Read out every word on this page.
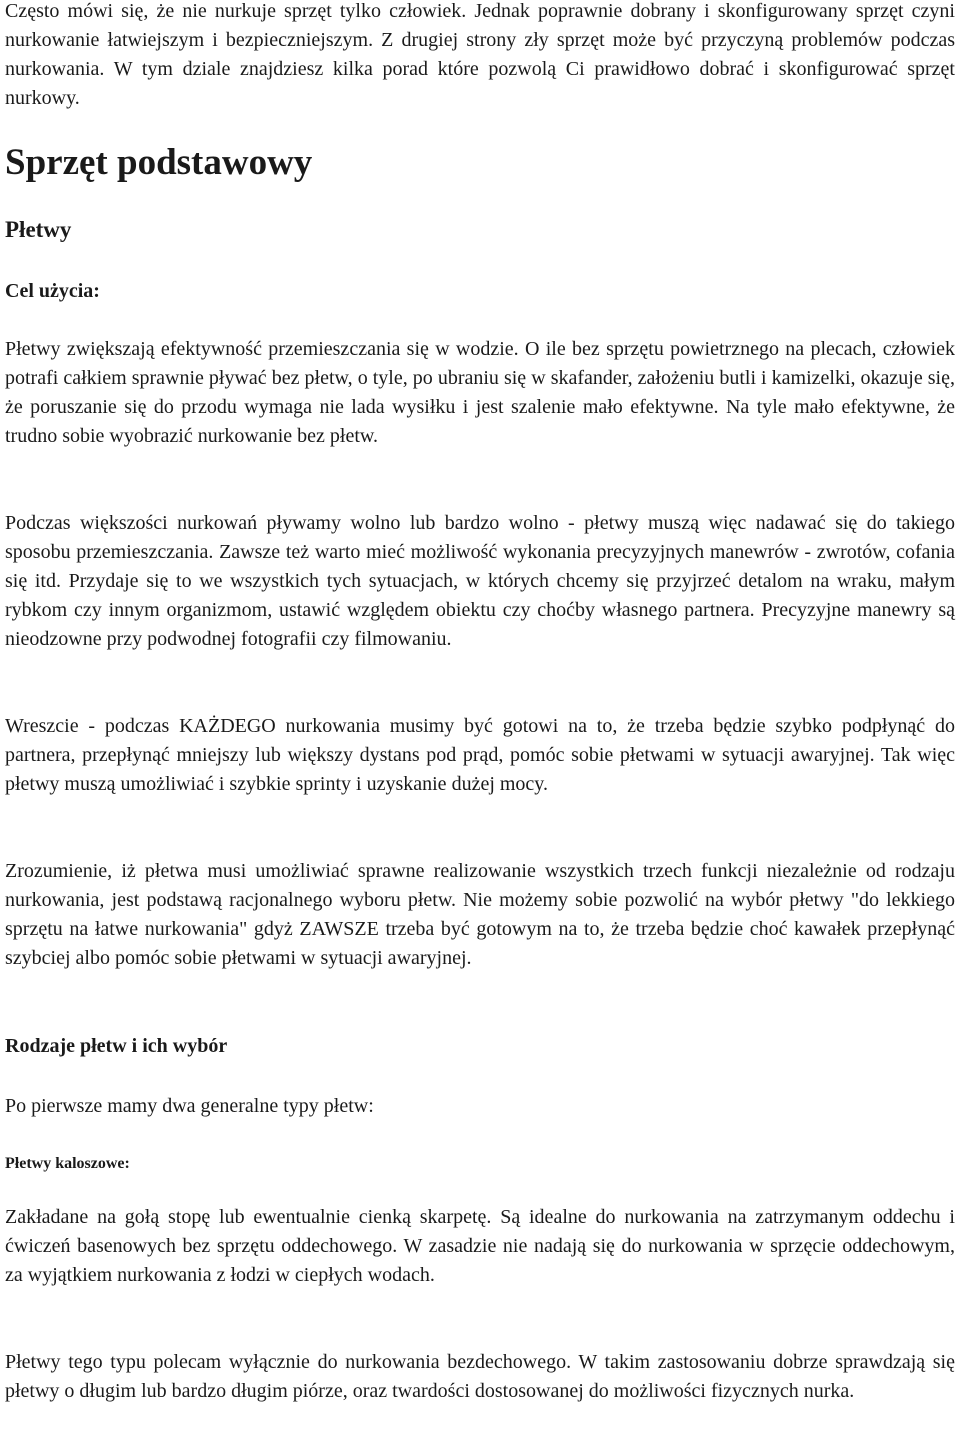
Często mówi się, że nie nurkuje sprzęt tylko człowiek. Jednak poprawnie dobrany i skonfigurowany sprzęt czyni nurkowanie łatwiejszym i bezpieczniejszym. Z drugiej strony zły sprzęt może być przyczyną problemów podczas nurkowania. W tym dziale znajdziesz kilka porad które pozwolą Ci prawidłowo dobrać i skonfigurować sprzęt nurkowy.

Sprzęt podstawowy
Płetwy
Cel użycia:

Płetwy zwiększają efektywność przemieszczania się w wodzie. O ile bez sprzętu powietrznego na plecach, człowiek potrafi całkiem sprawnie pływać bez płetw, o tyle, po ubraniu się w skafander, założeniu butli i kamizelki, okazuje się, że poruszanie się do przodu wymaga nie lada wysiłku i jest szalenie mało efektywne. Na tyle mało efektywne, że trudno sobie wyobrazić nurkowanie bez płetw.

Podczas większości nurkowań pływamy wolno lub bardzo wolno - płetwy muszą więc nadawać się do takiego sposobu przemieszczania. Zawsze też warto mieć możliwość wykonania precyzyjnych manewrów - zwrotów, cofania się itd. Przydaje się to we wszystkich tych sytuacjach, w których chcemy się przyjrzeć detalom na wraku, małym rybkom czy innym organizmom, ustawić względem obiektu czy choćby własnego partnera. Precyzyjne manewry są nieodzowne przy podwodnej fotografii czy filmowaniu.

Wreszcie - podczas KAŻDEGO nurkowania musimy być gotowi na to, że trzeba będzie szybko podpłynąć do partnera, przepłynąć mniejszy lub większy dystans pod prąd, pomóc sobie płetwami w sytuacji awaryjnej. Tak więc płetwy muszą umożliwiać i szybkie sprinty i uzyskanie dużej mocy.

Zrozumienie, iż płetwa musi umożliwiać sprawne realizowanie wszystkich trzech funkcji niezależnie od rodzaju nurkowania, jest podstawą racjonalnego wyboru płetw. Nie możemy sobie pozwolić na wybór płetwy "do lekkiego sprzętu na łatwe nurkowania" gdyż ZAWSZE trzeba być gotowym na to, że trzeba będzie choć kawałek przepłynąć szybciej albo pomóc sobie płetwami w sytuacji awaryjnej.

Rodzaje płetw i ich wybór

Po pierwsze mamy dwa generalne typy płetw:

Płetwy kaloszowe:

Zakładane na gołą stopę lub ewentualnie cienką skarpetę. Są idealne do nurkowania na zatrzymanym oddechu i ćwiczeń basenowych bez sprzętu oddechowego. W zasadzie nie nadają się do nurkowania w sprzęcie oddechowym, za wyjątkiem nurkowania z łodzi w ciepłych wodach.

Płetwy tego typu polecam wyłącznie do nurkowania bezdechowego. W takim zastosowaniu dobrze sprawdzają się płetwy o długim lub bardzo długim piórze, oraz twardości dostosowanej do możliwości fizycznych nurka.
